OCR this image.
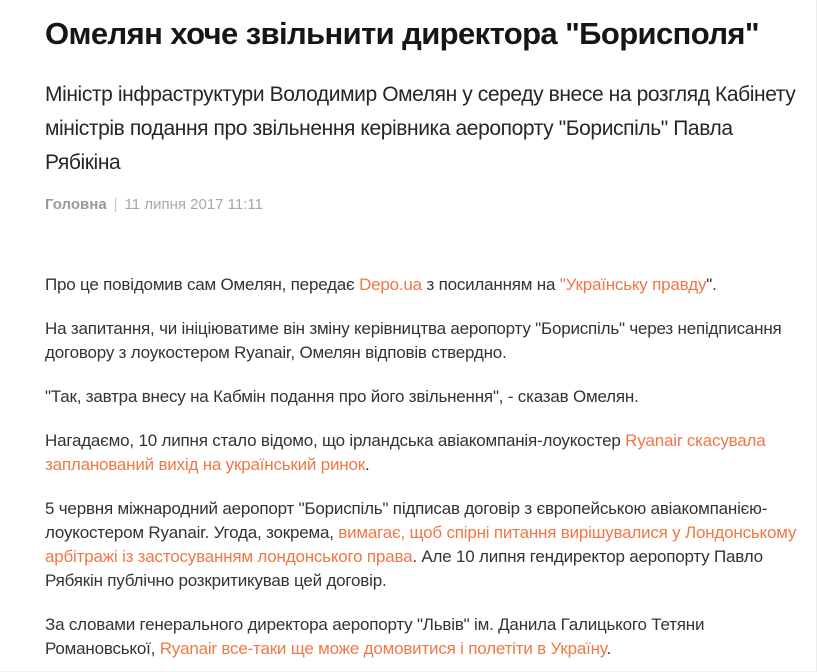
Омелян хоче звільнити директора "Борисполя"

Міністр інфраструктури Володимир Омелян у середу внесе на розгляд Кабінету міністрів подання про звільнення керівника аеропорту "Бориспіль" Павла Рябікіна

Головна | 11 липня 2017 11:11

Про це повідомив сам Омелян, передає Depo.ua з посиланням на "Українську правду".

На запитання, чи ініціюватиме він зміну керівництва аеропорту "Бориспіль" через непідписання договору з лоукостером Ryanair, Омелян відповів ствердно.

"Так, завтра внесу на Кабмін подання про його звільнення", - сказав Омелян.

Нагадаємо, 10 липня стало відомо, що ірландська авіакомпанія-лоукостер Ryanair скасувала запланований вихід на український ринок.

5 червня міжнародний аеропорт "Бориспіль" підписав договір з європейською авіакомпанією-лоукостером Ryanair. Угода, зокрема, вимагає, щоб спірні питання вирішувалися у Лондонському арбітражі із застосуванням лондонського права. Але 10 липня гендиректор аеропорту Павло Рябякін публічно розкритикував цей договір.

За словами генерального директора аеропорту "Львів" ім. Данила Галицького Тетяни Романовської, Ryanair все-таки ще може домовитися і полетіти в Україну.
